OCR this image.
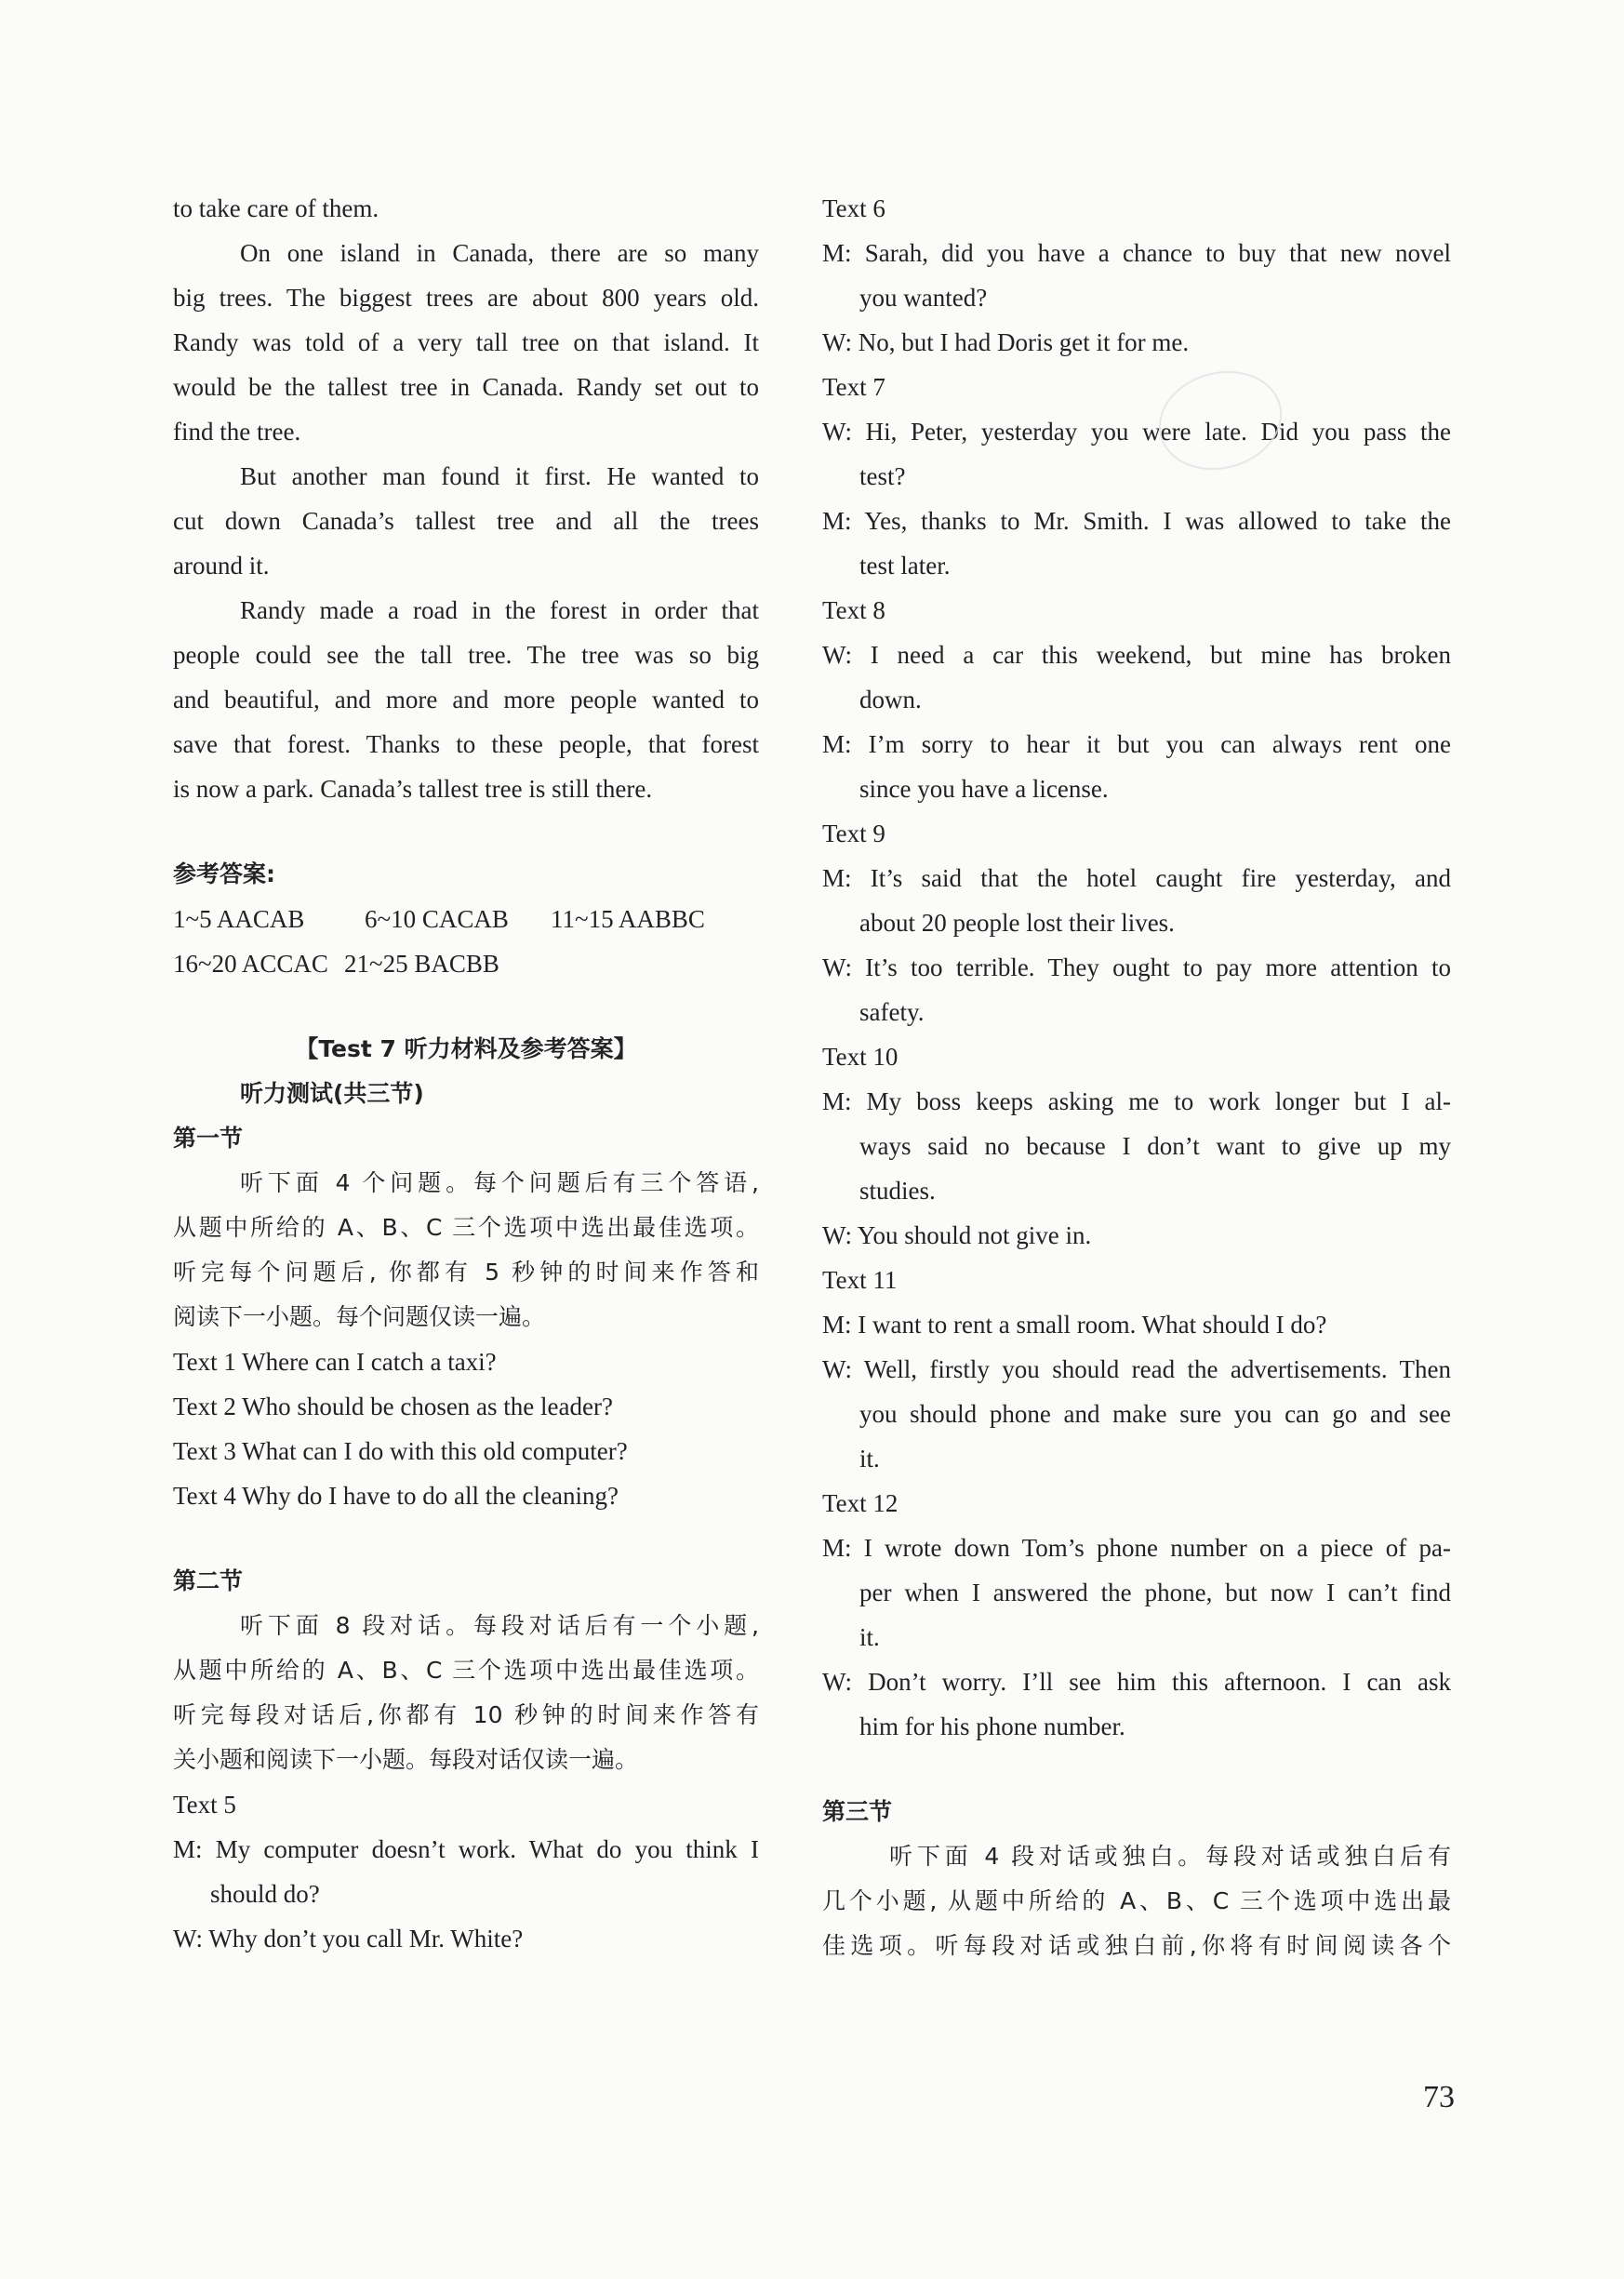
to take care of them.
On one island in Canada, there are so many
big trees. The biggest trees are about 800 years old.
Randy was told of a very tall tree on that island. It
would be the tallest tree in Canada. Randy set out to
find the tree.
But another man found it first. He wanted to
cut down Canada’s tallest tree and all the trees
around it.
Randy made a road in the forest in order that
people could see the tall tree. The tree was so big
and beautiful, and more and more people wanted to
save that forest. Thanks to these people, that forest
is now a park. Canada’s tallest tree is still there.
参考答案:
1~5 AACAB	6~10 CACAB	11~15 AABBC
16~20 ACCAC 21~25 BACBB
【Test 7 听力材料及参考答案】
听力测试(共三节)
第一节
听下面 4 个问题。每个问题后有三个答语,
从题中所给的 A、B、C 三个选项中选出最佳选项。
听完每个问题后, 你都有 5 秒钟的时间来作答和
阅读下一小题。每个问题仅读一遍。
Text 1 Where can I catch a taxi?
Text 2 Who should be chosen as the leader?
Text 3 What can I do with this old computer?
Text 4 Why do I have to do all the cleaning?
第二节
听下面 8 段对话。每段对话后有一个小题,
从题中所给的 A、B、C 三个选项中选出最佳选项。
听完每段对话后,你都有 10 秒钟的时间来作答有
关小题和阅读下一小题。每段对话仅读一遍。
Text 5
M: My computer doesn’t work. What do you think I
should do?
W: Why don’t you call Mr. White?
Text 6
M: Sarah, did you have a chance to buy that new novel
you wanted?
W: No, but I had Doris get it for me.
Text 7
W: Hi, Peter, yesterday you were late. Did you pass the
test?
M: Yes, thanks to Mr. Smith. I was allowed to take the
test later.
Text 8
W: I need a car this weekend, but mine has broken
down.
M: I’m sorry to hear it but you can always rent one
since you have a license.
Text 9
M: It’s said that the hotel caught fire yesterday, and
about 20 people lost their lives.
W: It’s too terrible. They ought to pay more attention to
safety.
Text 10
M: My boss keeps asking me to work longer but I al-
ways said no because I don’t want to give up my
studies.
W: You should not give in.
Text 11
M: I want to rent a small room. What should I do?
W: Well, firstly you should read the advertisements. Then
you should phone and make sure you can go and see
it.
Text 12
M: I wrote down Tom’s phone number on a piece of pa-
per when I answered the phone, but now I can’t find
it.
W: Don’t worry. I’ll see him this afternoon. I can ask
him for his phone number.
第三节
听下面 4 段对话或独白。每段对话或独白后有
几个小题, 从题中所给的 A、B、C 三个选项中选出最
佳选项。听每段对话或独白前,你将有时间阅读各个
73
